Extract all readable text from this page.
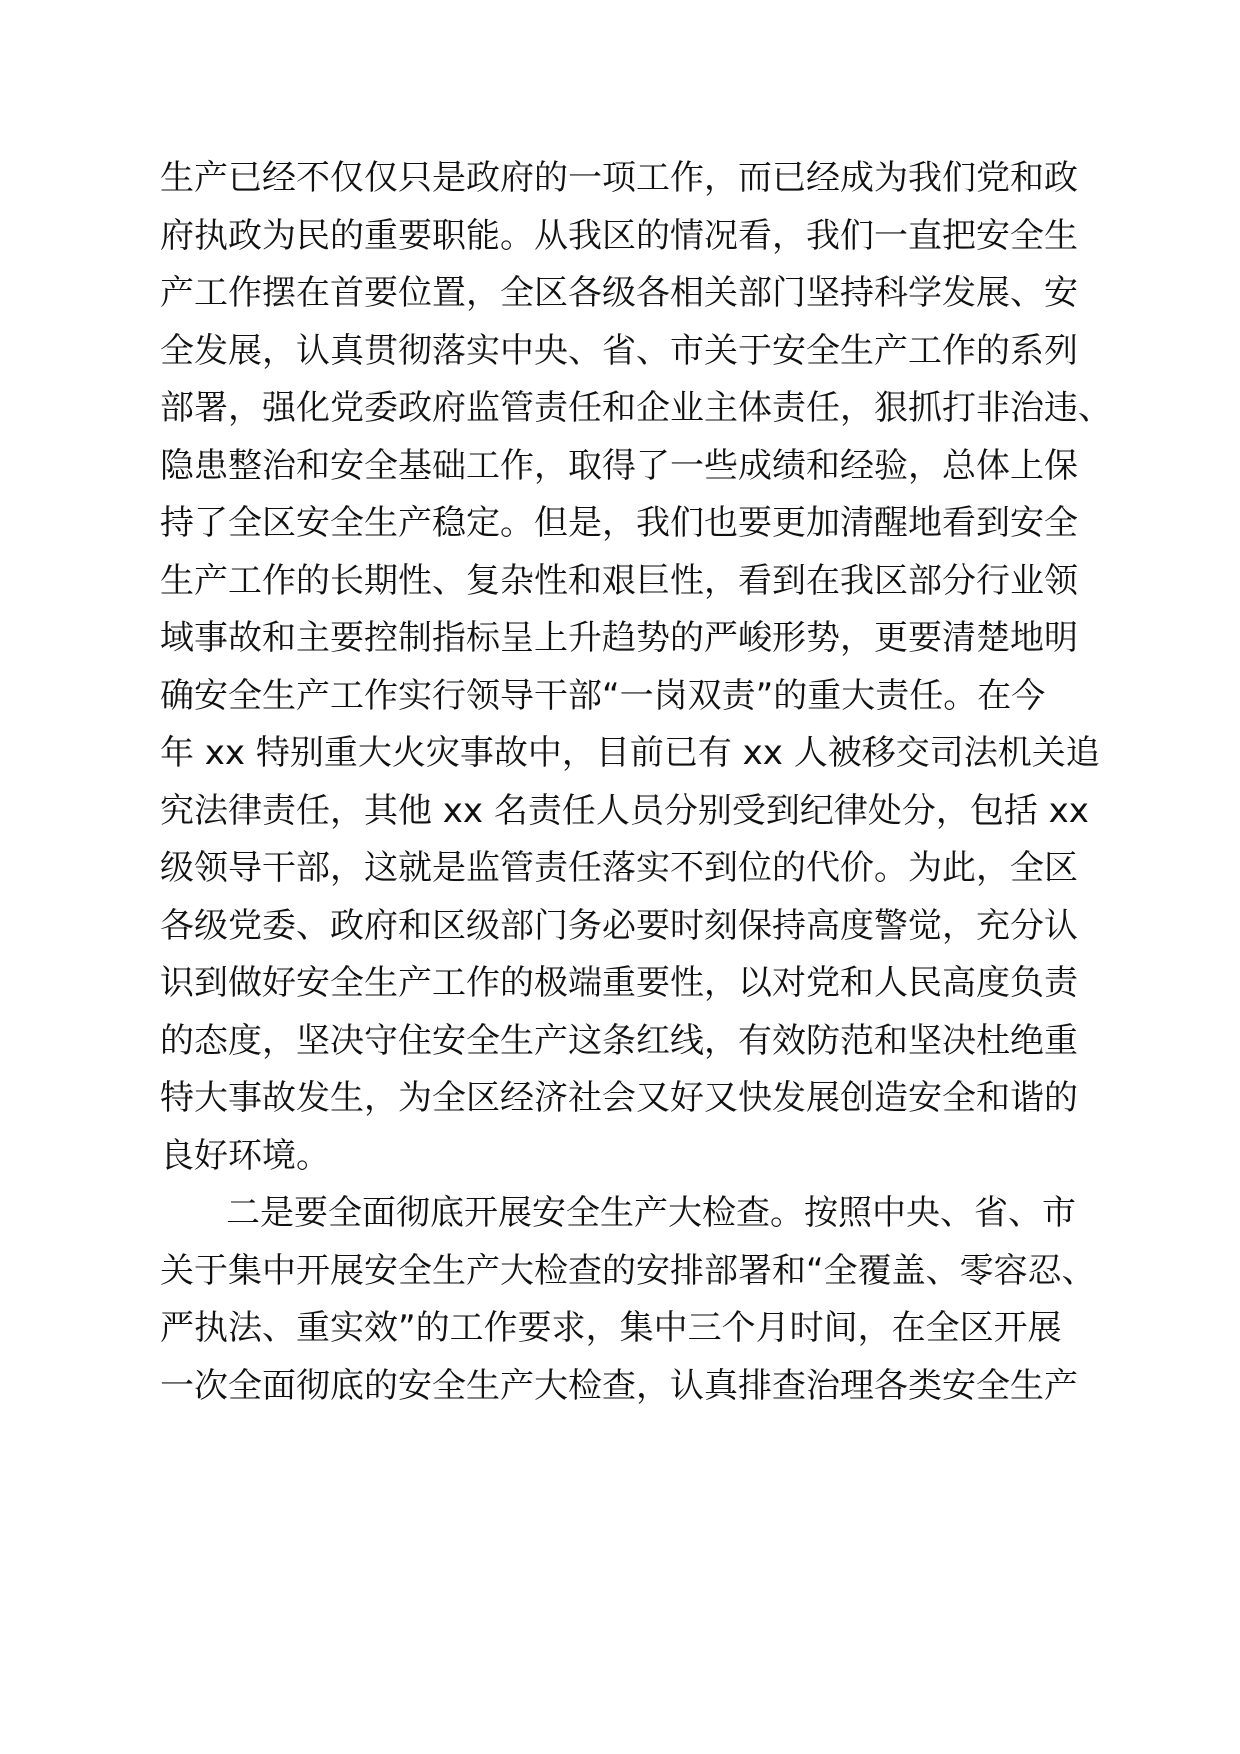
生产已经不仅仅只是政府的一项工作，而已经成为我们党和政
府执政为民的重要职能。从我区的情况看，我们一直把安全生
产工作摆在首要位置，全区各级各相关部门坚持科学发展、安
全发展，认真贯彻落实中央、省、市关于安全生产工作的系列
部署，强化党委政府监管责任和企业主体责任，狠抓打非治违、
隐患整治和安全基础工作，取得了一些成绩和经验，总体上保
持了全区安全生产稳定。但是，我们也要更加清醒地看到安全
生产工作的长期性、复杂性和艰巨性，看到在我区部分行业领
域事故和主要控制指标呈上升趋势的严峻形势，更要清楚地明
确安全生产工作实行领导干部“一岗双责”的重大责任。在今
年 xx 特别重大火灾事故中，目前已有 xx 人被移交司法机关追
究法律责任，其他 xx 名责任人员分别受到纪律处分，包括 xx
级领导干部，这就是监管责任落实不到位的代价。为此，全区
各级党委、政府和区级部门务必要时刻保持高度警觉，充分认
识到做好安全生产工作的极端重要性，以对党和人民高度负责
的态度，坚决守住安全生产这条红线，有效防范和坚决杜绝重
特大事故发生，为全区经济社会又好又快发展创造安全和谐的
良好环境。
二是要全面彻底开展安全生产大检查。按照中央、省、市
关于集中开展安全生产大检查的安排部署和“全覆盖、零容忍、
严执法、重实效”的工作要求，集中三个月时间，在全区开展
一次全面彻底的安全生产大检查，认真排查治理各类安全生产
